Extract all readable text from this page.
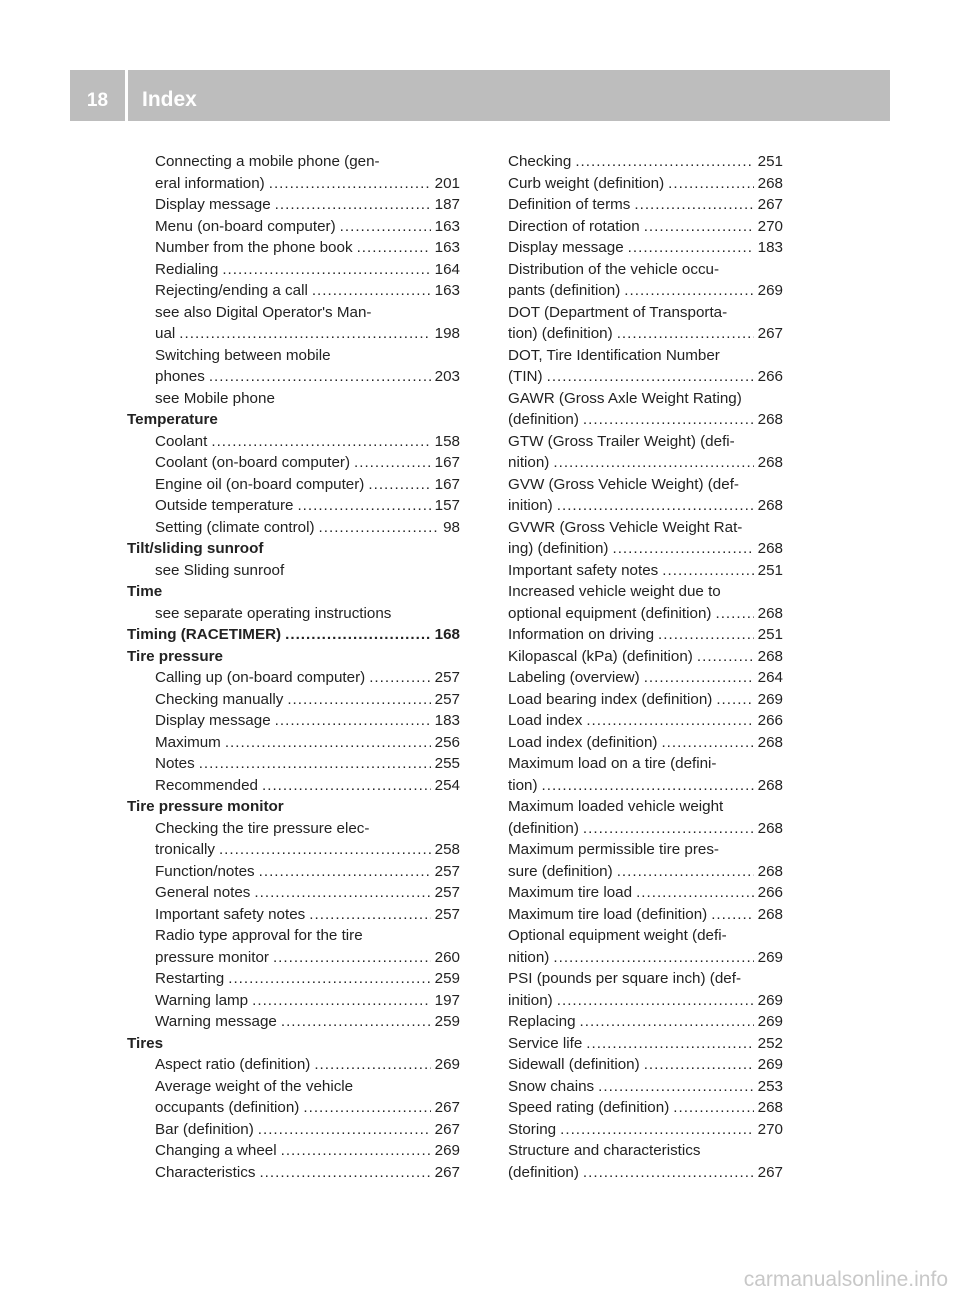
18	Index
Connecting a mobile phone (gen-
eral information) .....	201
Display message .....	187
Menu (on-board computer) .....	163
Number from the phone book .....	163
Redialing .....	164
Rejecting/ending a call .....	163
see also Digital Operator's Man-
ual .....	198
Switching between mobile
phones .....	203
see Mobile phone
Temperature
Coolant .....	158
Coolant (on-board computer) .....	167
Engine oil (on-board computer) .....	167
Outside temperature .....	157
Setting (climate control) .....	98
Tilt/sliding sunroof
see Sliding sunroof
Time
see separate operating instructions
Timing (RACETIMER) .....	168
Tire pressure
Calling up (on-board computer) .....	257
Checking manually .....	257
Display message .....	183
Maximum .....	256
Notes .....	255
Recommended .....	254
Tire pressure monitor
Checking the tire pressure elec-
tronically .....	258
Function/notes .....	257
General notes .....	257
Important safety notes .....	257
Radio type approval for the tire
pressure monitor .....	260
Restarting .....	259
Warning lamp .....	197
Warning message .....	259
Tires
Aspect ratio (definition) .....	269
Average weight of the vehicle
occupants (definition) .....	267
Bar (definition) .....	267
Changing a wheel .....	269
Characteristics .....	267
Checking .....	251
Curb weight (definition) .....	268
Definition of terms .....	267
Direction of rotation .....	270
Display message .....	183
Distribution of the vehicle occu-
pants (definition) .....	269
DOT (Department of Transporta-
tion) (definition) .....	267
DOT, Tire Identification Number
(TIN) .....	266
GAWR (Gross Axle Weight Rating)
(definition) .....	268
GTW (Gross Trailer Weight) (defi-
nition) .....	268
GVW (Gross Vehicle Weight) (def-
inition) .....	268
GVWR (Gross Vehicle Weight Rat-
ing) (definition) .....	268
Important safety notes .....	251
Increased vehicle weight due to
optional equipment (definition) .....	268
Information on driving .....	251
Kilopascal (kPa) (definition) .....	268
Labeling (overview) .....	264
Load bearing index (definition) .....	269
Load index .....	266
Load index (definition) .....	268
Maximum load on a tire (defini-
tion) .....	268
Maximum loaded vehicle weight
(definition) .....	268
Maximum permissible tire pres-
sure (definition) .....	268
Maximum tire load .....	266
Maximum tire load (definition) .....	268
Optional equipment weight (defi-
nition) .....	269
PSI (pounds per square inch) (def-
inition) .....	269
Replacing .....	269
Service life .....	252
Sidewall (definition) .....	269
Snow chains .....	253
Speed rating (definition) .....	268
Storing .....	270
Structure and characteristics
(definition) .....	267
carmanualsonline.info
